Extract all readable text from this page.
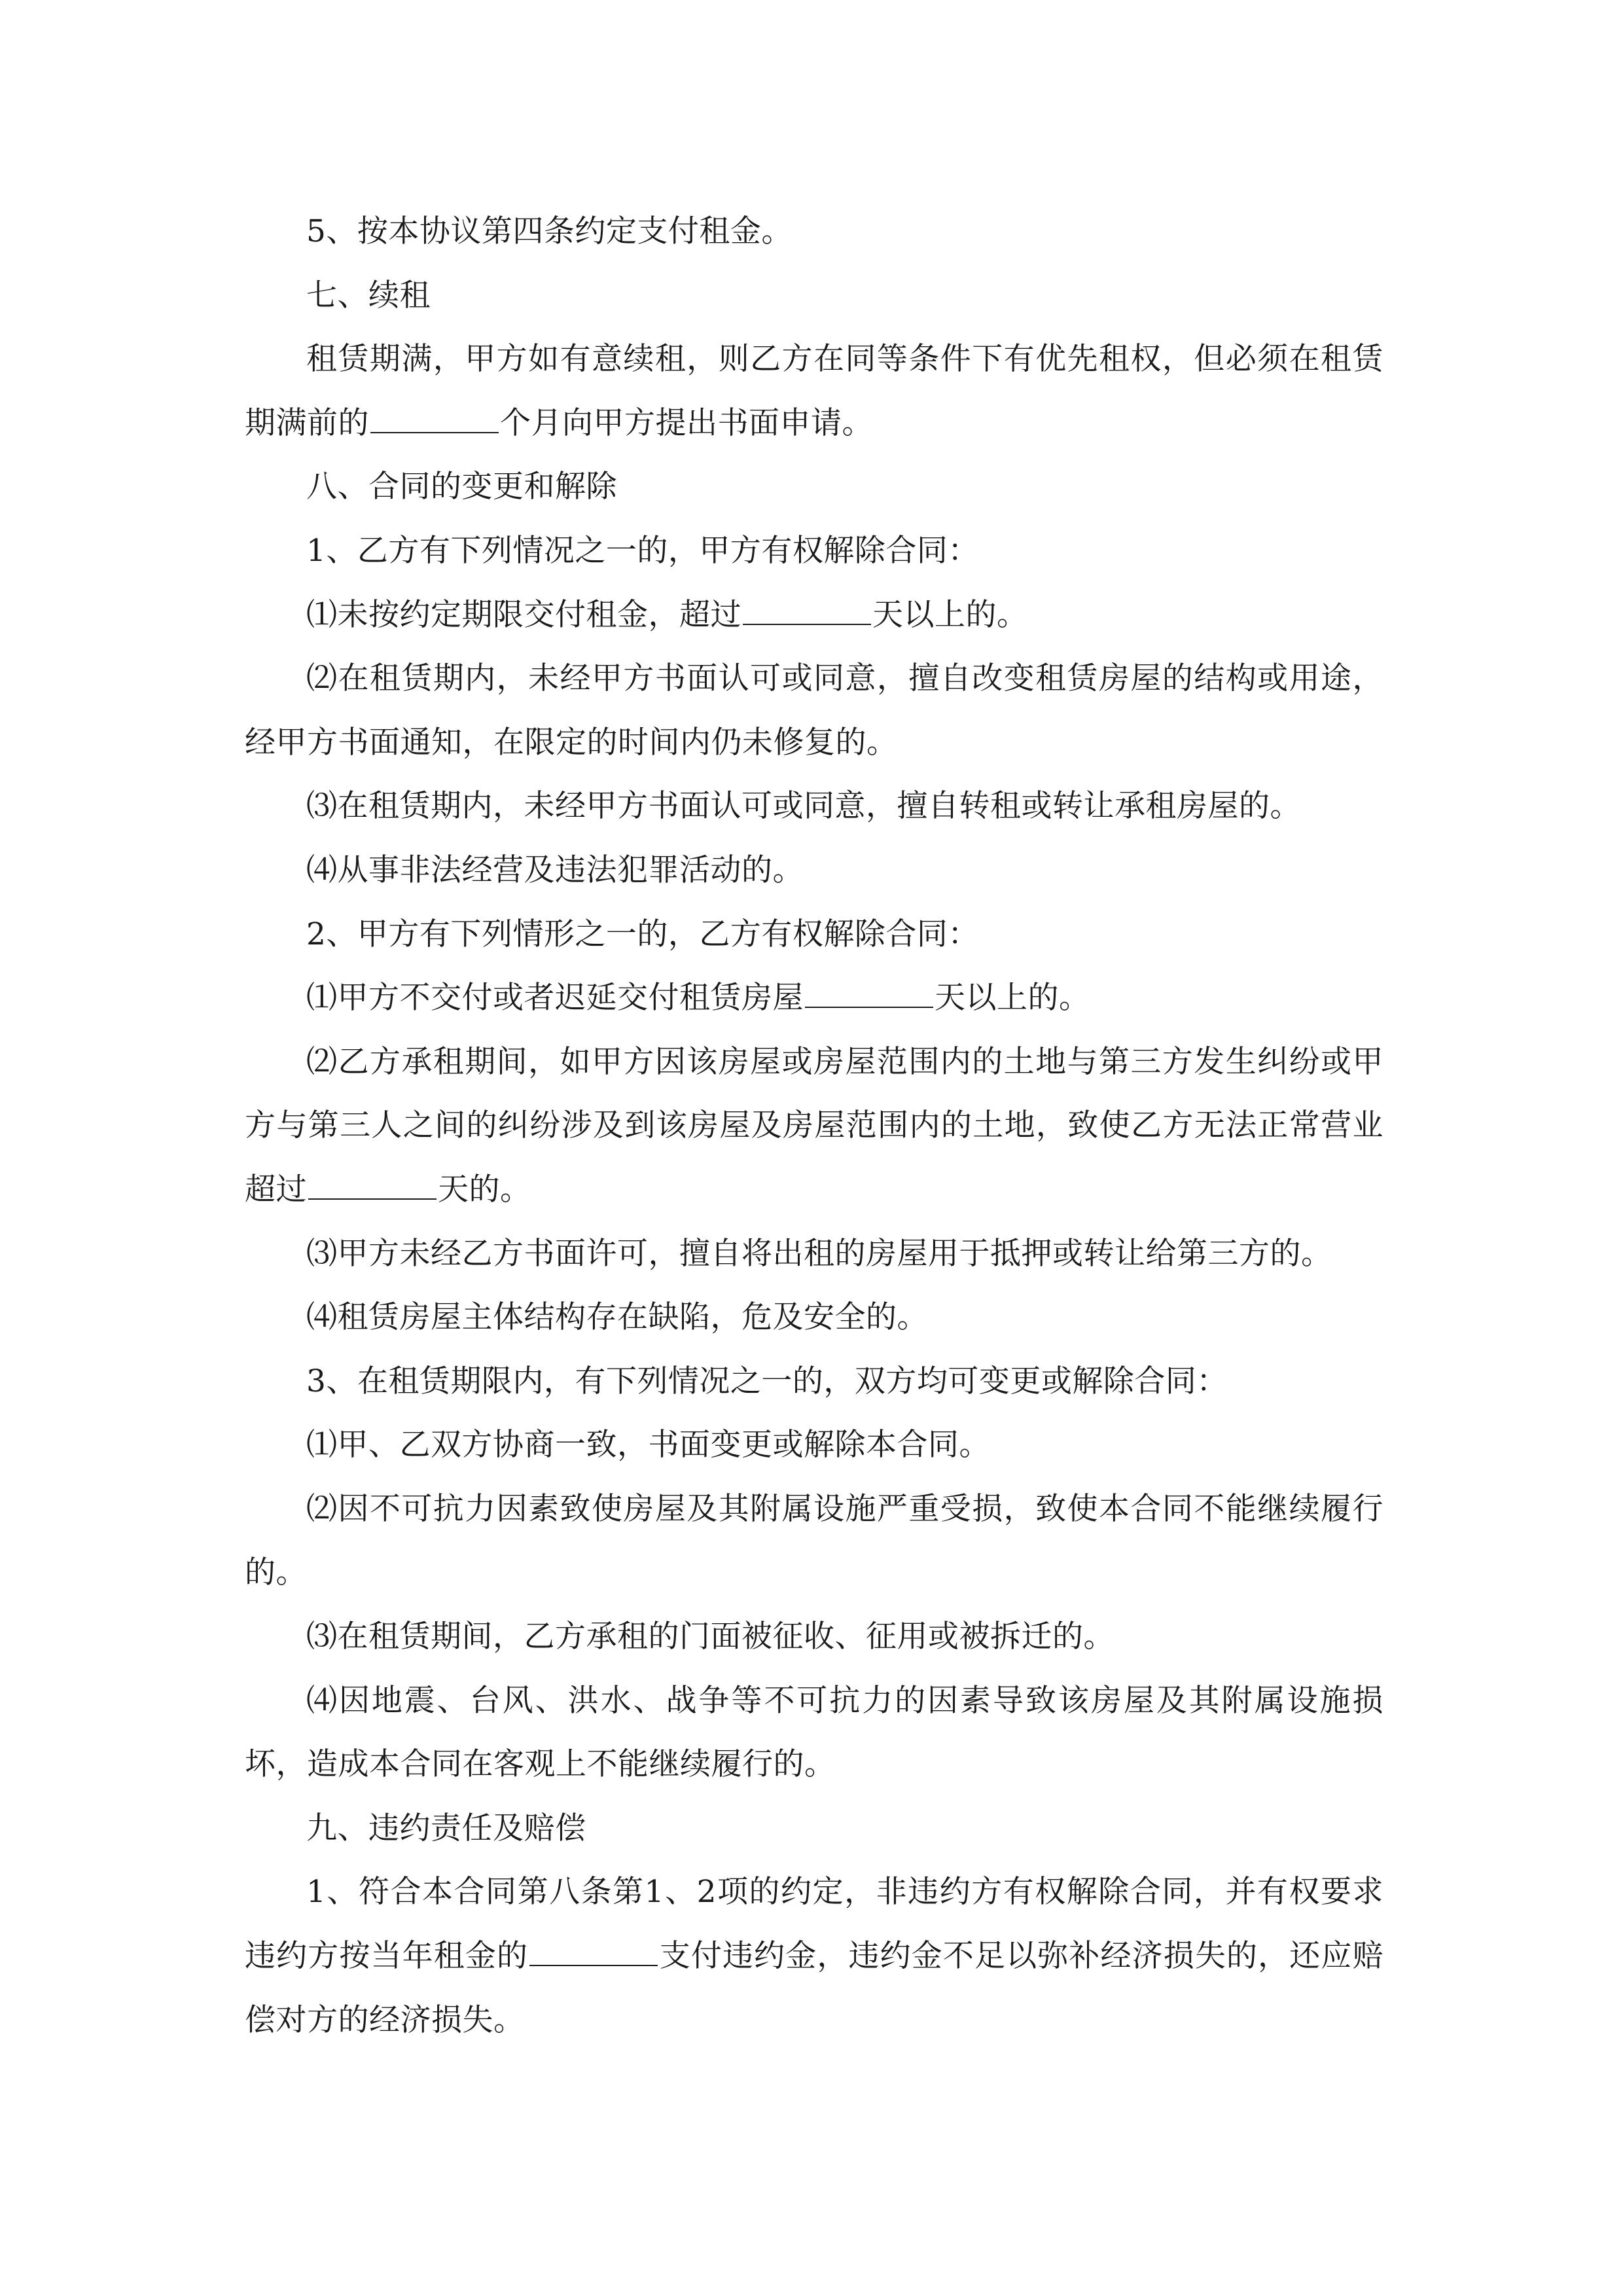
5、按本协议第四条约定支付租金。

七、续租

租赁期满，甲方如有意续租，则乙方在同等条件下有优先租权，但必须在租赁期满前的	个月向甲方提出书面申请。

八、合同的变更和解除

1、乙方有下列情况之一的，甲方有权解除合同：

⑴未按约定期限交付租金，超过	天以上的。

⑵在租赁期内，未经甲方书面认可或同意，擅自改变租赁房屋的结构或用途，经甲方书面通知，在限定的时间内仍未修复的。

⑶在租赁期内，未经甲方书面认可或同意，擅自转租或转让承租房屋的。

⑷从事非法经营及违法犯罪活动的。

2、甲方有下列情形之一的，乙方有权解除合同：

⑴甲方不交付或者迟延交付租赁房屋	天以上的。

⑵乙方承租期间，如甲方因该房屋或房屋范围内的土地与第三方发生纠纷或甲方与第三人之间的纠纷涉及到该房屋及房屋范围内的土地，致使乙方无法正常营业超过	天的。

⑶甲方未经乙方书面许可，擅自将出租的房屋用于抵押或转让给第三方的。

⑷租赁房屋主体结构存在缺陷，危及安全的。

3、在租赁期限内，有下列情况之一的，双方均可变更或解除合同：

⑴甲、乙双方协商一致，书面变更或解除本合同。

⑵因不可抗力因素致使房屋及其附属设施严重受损，致使本合同不能继续履行的。

⑶在租赁期间，乙方承租的门面被征收、征用或被拆迁的。

⑷因地震、台风、洪水、战争等不可抗力的因素导致该房屋及其附属设施损坏，造成本合同在客观上不能继续履行的。

九、违约责任及赔偿

1、符合本合同第八条第1、2项的约定，非违约方有权解除合同，并有权要求违约方按当年租金的	支付违约金，违约金不足以弥补经济损失的，还应赔偿对方的经济损失。
